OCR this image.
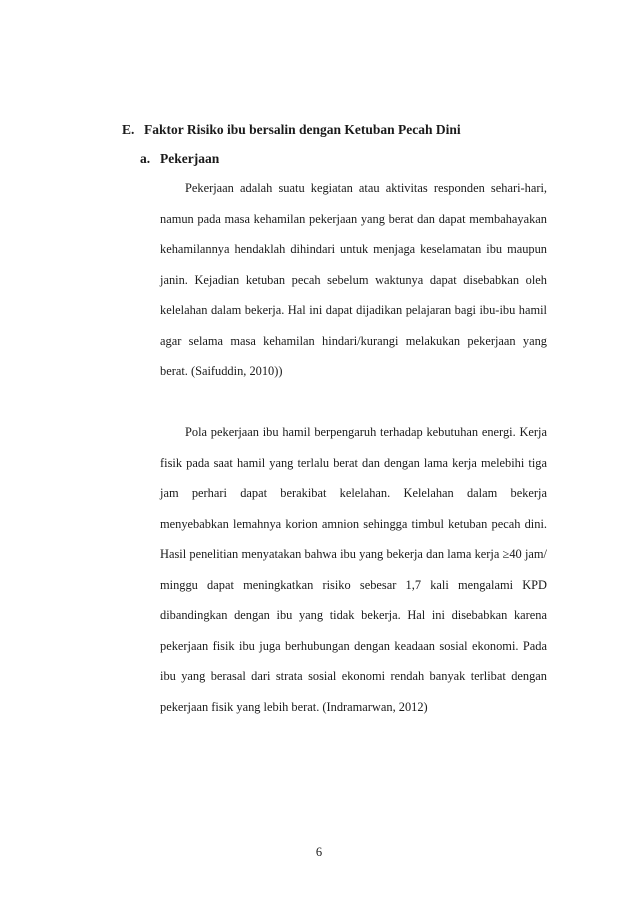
E. Faktor Risiko ibu bersalin dengan Ketuban Pecah Dini
a. Pekerjaan
Pekerjaan adalah suatu kegiatan atau aktivitas responden sehari-hari, namun pada masa kehamilan pekerjaan yang berat dan dapat membahayakan kehamilannya hendaklah dihindari untuk menjaga keselamatan ibu maupun janin. Kejadian ketuban pecah sebelum waktunya dapat disebabkan oleh kelelahan dalam bekerja. Hal ini dapat dijadikan pelajaran bagi ibu-ibu hamil agar selama masa kehamilan hindari/kurangi melakukan pekerjaan yang berat. (Saifuddin, 2010))
Pola pekerjaan ibu hamil berpengaruh terhadap kebutuhan energi. Kerja fisik pada saat hamil yang terlalu berat dan dengan lama kerja melebihi tiga jam perhari dapat berakibat kelelahan. Kelelahan dalam bekerja menyebabkan lemahnya korion amnion sehingga timbul ketuban pecah dini. Hasil penelitian menyatakan bahwa ibu yang bekerja dan lama kerja ≥40 jam/ minggu dapat meningkatkan risiko sebesar 1,7 kali mengalami KPD dibandingkan dengan ibu yang tidak bekerja. Hal ini disebabkan karena pekerjaan fisik ibu juga berhubungan dengan keadaan sosial ekonomi. Pada ibu yang berasal dari strata sosial ekonomi rendah banyak terlibat dengan pekerjaan fisik yang lebih berat. (Indramarwan, 2012)
6
